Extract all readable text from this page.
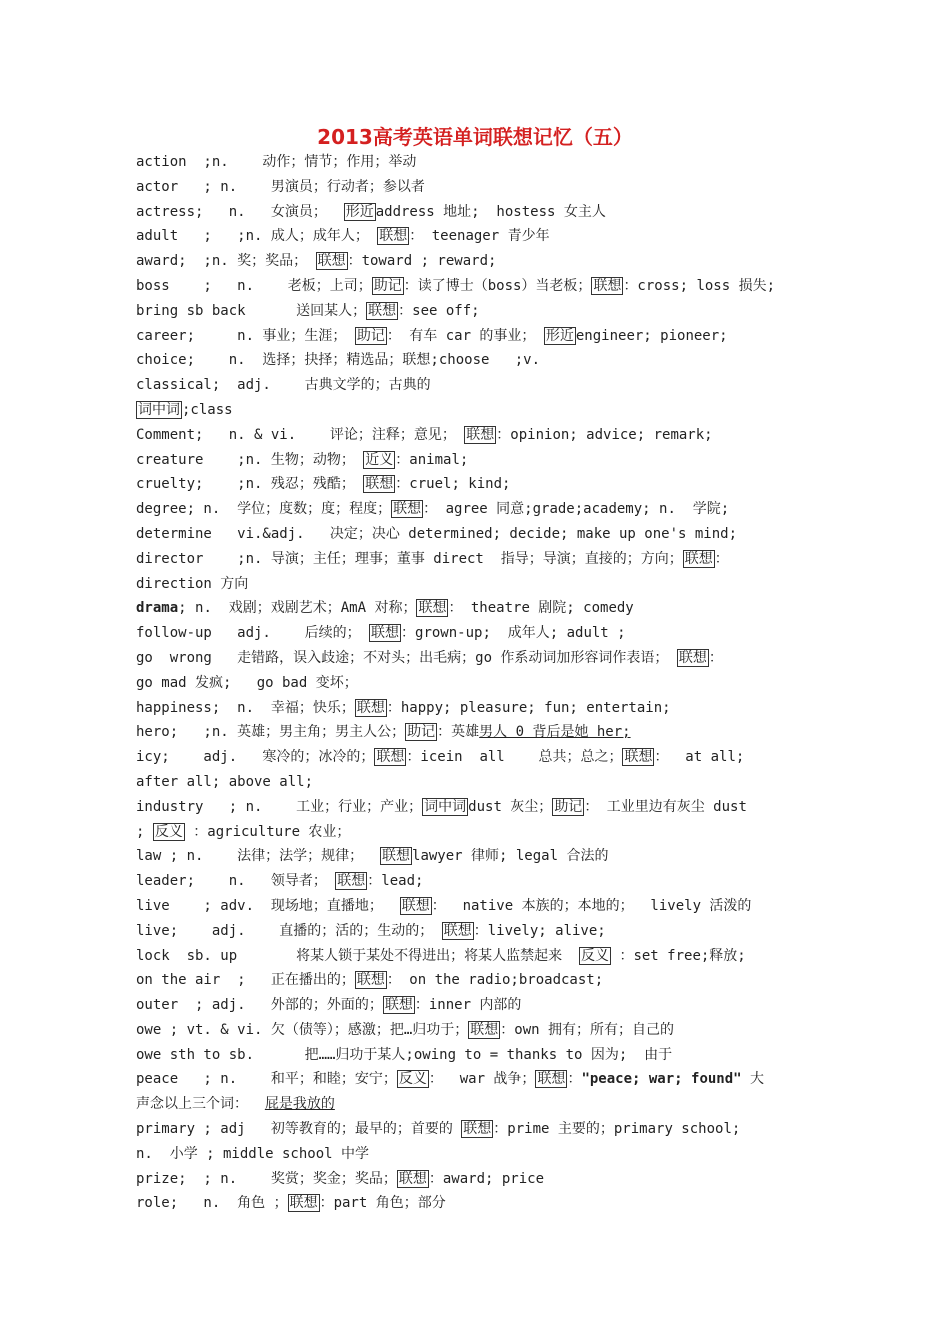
2013高考英语单词联想记忆（五）
action  ;n.    动作；情节；作用；举动
actor   ; n.    男演员；行动者；参以者
actress;   n.   女演员；  形近 address 地址;  hostess 女主人
adult   ;   ;n. 成人；成年人； 联想 ： teenager 青少年
award;  ;n. 奖；奖品； 联想 ：toward ; reward;
boss    ;   n.    老板；上司； 助记 ：读了博士（boss）当老板； 联想 ：cross; loss 损失;
bring sb back      送回某人； 联想 ：see off;
career;     n. 事业；生涯； 助记 ： 有车 car 的事业； 形近 engineer; pioneer;
choice;    n.  选择；抉择；精选品；联想;choose   ;v.
classical;  adj.    古典文学的；古典的
词中词 ;class
Comment;   n. & vi.    评论；注释；意见； 联想 ：opinion; advice; remark;
creature    ;n. 生物；动物； 近义 ：animal;
cruelty;    ;n. 残忍；残酷； 联想 ：cruel; kind;
degree; n.  学位；度数；度；程度； 联想 ： agree 同意;grade;academy; n.  学院;
determine   vi.&adj.   决定；决心 determined; decide; make up one's mind;
director    ;n. 导演；主任；理事；董事 direct  指导；导演；直接的；方向； 联想 ：
direction 方向
drama; n.  戏剧；戏剧艺术；AmA 对称； 联想 ： theatre 剧院; comedy
follow-up   adj.    后续的； 联想 ：grown-up;  成年人; adult ;
go  wrong   走错路，误入歧途；不对头；出毛病；go 作系动词加形容词作表语； 联想 ：
go mad 发疯;   go bad 变坏；
happiness;  n.  幸福；快乐； 联想 ：happy; pleasure; fun; entertain;
hero;   ;n. 英雄；男主角；男主人公； 助记 ：英雄男人 0 背后是她 her;
icy;    adj.   寒冷的；冰冷的； 联想 ：icein  all    总共；总之； 联想 ：  at all;
after all; above all;
industry   ; n.    工业；行业；产业； 词中词 dust 灰尘； 助记 ： 工业里边有灰尘 dust
; 反义 ：agriculture 农业；
law ; n.    法律；法学；规律；  联想 lawyer 律师; legal 合法的
leader;    n.   领导者； 联想 ：lead;
live    ; adv.  现场地；直播地；  联想 ：  native 本族的；本地的；  lively 活泼的
live;    adj.    直播的；活的；生动的； 联想 ：lively; alive;
lock  sb. up       将某人锁于某处不得进出；将某人监禁起来  反义 ：set free;释放;
on the air  ;   正在播出的； 联想 ： on the radio;broadcast;
outer  ; adj.   外部的；外面的； 联想 ：inner 内部的
owe ; vt. & vi. 欠（债等）；感激；把…归功于； 联想 ：own 拥有；所有；自己的
owe sth to sb.      把……归功于某人;owing to = thanks to 因为;  由于
peace   ; n.    和平；和睦；安宁； 反义 ：  war 战争； 联想 ："peace; war; found" 大
声念以上三个词：  屁是我放的
primary ; adj   初等教育的；最早的；首要的 联想 ：prime 主要的；primary school;
n.  小学 ; middle school 中学
prize;  ; n.    奖赏；奖金；奖品； 联想 ：award; price
role;   n.  角色 ； 联想 ：part 角色；部分
